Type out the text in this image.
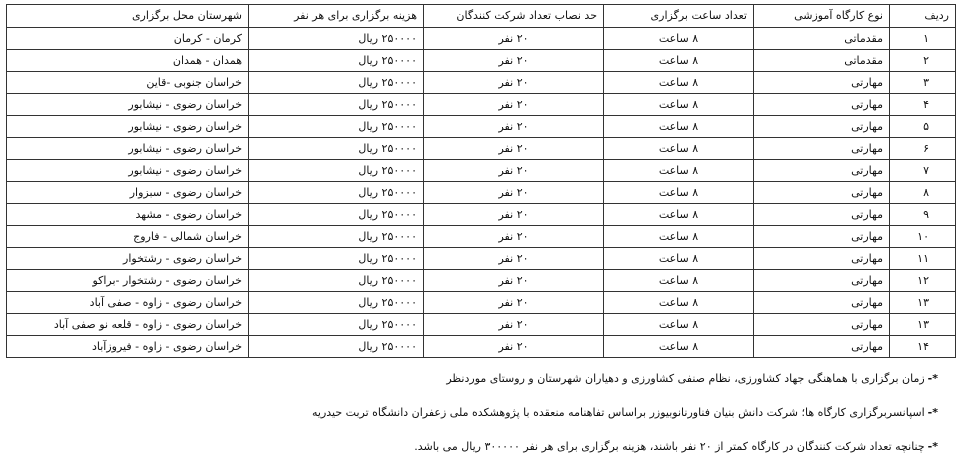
ردیف	نوع کارگاه آموزشی	تعداد ساعت برگزاری	حد نصاب تعداد شرکت کنندگان	هزینه برگزاری برای هر نفر	شهرستان محل برگزاری
۱	مقدماتی	۸ ساعت	۲۰ نفر	۲۵۰۰۰۰ ریال	کرمان - کرمان
۲	مقدماتی	۸ ساعت	۲۰ نفر	۲۵۰۰۰۰ ریال	همدان - همدان
۳	مهارتی	۸ ساعت	۲۰ نفر	۲۵۰۰۰۰ ریال	خراسان جنوبی -قاین
۴	مهارتی	۸ ساعت	۲۰ نفر	۲۵۰۰۰۰ ریال	خراسان رضوی - نیشابور
۵	مهارتی	۸ ساعت	۲۰ نفر	۲۵۰۰۰۰ ریال	خراسان رضوی - نیشابور
۶	مهارتی	۸ ساعت	۲۰ نفر	۲۵۰۰۰۰ ریال	خراسان رضوی - نیشابور
۷	مهارتی	۸ ساعت	۲۰ نفر	۲۵۰۰۰۰ ریال	خراسان رضوی - نیشابور
۸	مهارتی	۸ ساعت	۲۰ نفر	۲۵۰۰۰۰ ریال	خراسان رضوی - سبزوار
۹	مهارتی	۸ ساعت	۲۰ نفر	۲۵۰۰۰۰ ریال	خراسان رضوی - مشهد
۱۰	مهارتی	۸ ساعت	۲۰ نفر	۲۵۰۰۰۰ ریال	خراسان شمالی - فاروج
۱۱	مهارتی	۸ ساعت	۲۰ نفر	۲۵۰۰۰۰ ریال	خراسان رضوی - رشتخوار
۱۲	مهارتی	۸ ساعت	۲۰ نفر	۲۵۰۰۰۰ ریال	خراسان رضوی - رشتخوار -براکو
۱۳	مهارتی	۸ ساعت	۲۰ نفر	۲۵۰۰۰۰ ریال	خراسان رضوی - زاوه - صفی آباد
۱۳	مهارتی	۸ ساعت	۲۰ نفر	۲۵۰۰۰۰ ریال	خراسان رضوی - زاوه - قلعه نو صفی آباد
۱۴	مهارتی	۸ ساعت	۲۰ نفر	۲۵۰۰۰۰ ریال	خراسان رضوی - زاوه - فیروزآباد
*-زمان برگزاری با هماهنگی جهاد کشاورزی، نظام صنفی کشاورزی و دهیاران شهرستان و روستای موردنظر
*-اسپانسربرگزاری کارگاه ها؛ شرکت دانش بنیان فناورنانوبیوزر براساس تفاهنامه منعقده با پژوهشکده ملی زعفران دانشگاه تربت حیدریه
*-چنانچه تعداد شرکت کنندگان در کارگاه کمتر از ۲۰ نفر باشند، هزینه برگزاری برای هر نفر ۳۰۰۰۰۰ ریال می باشد.
